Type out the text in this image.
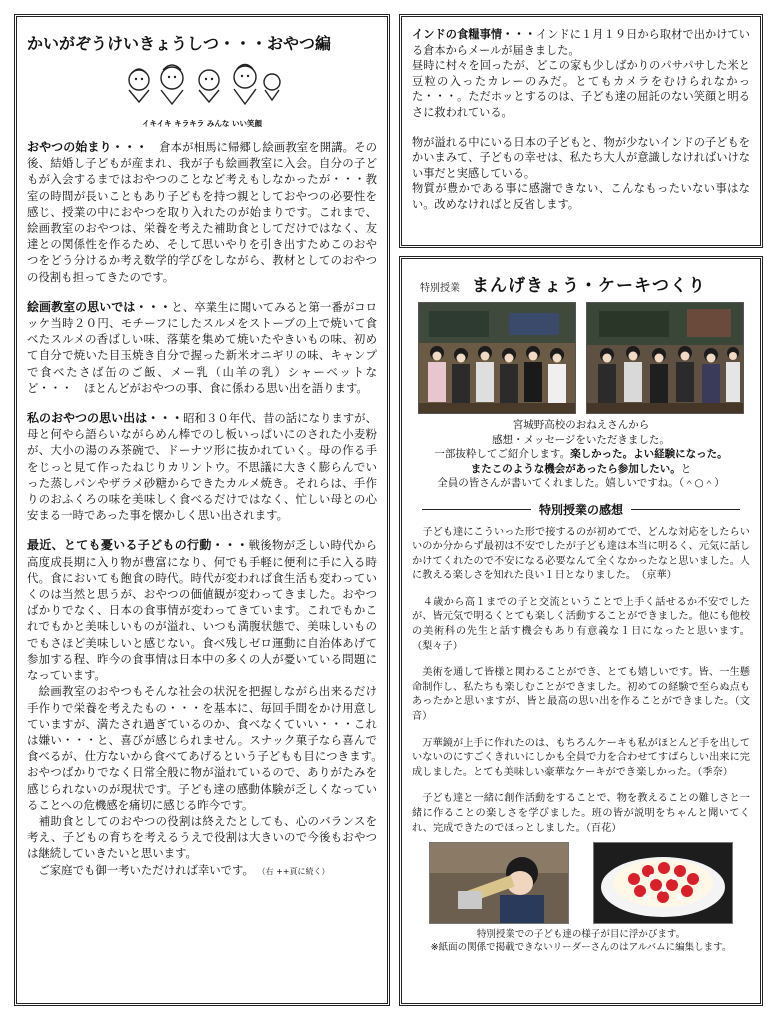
かいがぞうけいきょうしつ・・・おやつ編
イキイキ キラキラ みんな いい笑顔

おやつの始まり・・・　倉本が相馬に帰郷し絵画教室を開講。その後、結婚し子どもが産まれ、我が子も絵画教室に入会。自分の子どもが入会するまではおやつのことなど考えもしなかったが・・・教室の時間が長いこともあり子どもを持つ親としておやつの必要性を感じ、授業の中におやつを取り入れたのが始まりです。これまで、絵画教室のおやつは、栄養を考えた補助食としてだけではなく、友達との関係性を作るため、そして思いやりを引き出すためこのおやつをどう分けるか考え数学的学びをしながら、教材としてのおやつの役割も担ってきたのです。

絵画教室の思いでは・・・と、卒業生に聞いてみると第一番がコロッケ当時２０円、モチーフにしたスルメをストーブの上で焼いて食べたスルメの香ばしい味、落葉を集めて焼いたやきいもの味、初めて自分で焼いた目玉焼き自分で握った新米オニギリの味、キャンプで食べたさば缶のご飯、メー乳（山羊の乳）シャーベットなど・・・　ほとんどがおやつの事、食に係わる思い出を語ります。

私のおやつの思い出は・・・昭和３０年代、昔の話になりますが、母と何やら語らいながらめん棒でのし板いっぱいにのされた小麦粉が、大小の湯のみ茶碗で、ドーナツ形に抜かれていく。母の作る手をじっと見て作ったねじりカリントウ。不思議に大きく膨らんでいった蒸しパンやザラメ砂糖からできたカルメ焼き。それらは、手作りのおふくろの味を美味しく食べるだけではなく、忙しい母との心安まる一時であった事を懐かしく思い出されます。

最近、とても憂いる子どもの行動・・・戦後物が乏しい時代から高度成長期に入り物が豊富になり、何でも手軽に便利に手に入る時代。食においても飽食の時代。時代が変われば食生活も変わっていくのは当然と思うが、おやつの価値観が変わってきました。おやつばかりでなく、日本の食事情が変わってきています。これでもかこれでもかと美味しいものが溢れ、いつも満腹状態で、美味しいものでもさほど美味しいと感じない。食べ残しゼロ運動に自治体あげて参加する程、昨今の食事情は日本中の多くの人が憂いている問題になっています。

　絵画教室のおやつもそんな社会の状況を把握しながら出来るだけ手作りで栄養を考えたもの・・・を基本に、毎回手間をかけ用意していますが、満たされ過ぎているのか、食べなくていい・・・これは嫌い・・・と、喜びが感じられません。スナック菓子なら喜んで食べるが、仕方ないから食べてあげるという子どもも目につきます。　おやつばかりでなく日常全般に物が溢れているので、ありがたみを感じられないのが現状です。子ども達の感動体験が乏しくなっていることへの危機感を痛切に感じる昨今です。

　補助食としてのおやつの役割は終えたとしても、心のバランスを考え、子どもの育ちを考えるうえで役割は大きいので今後もおやつは継続していきたいと思います。

　ご家庭でも御一考いただければ幸いです。 （右 ++頁に続く）

インドの食糧事情・・・インドに１月１９日から取材で出かけている倉本からメールが届きました。
昼時に村々を回ったが、どこの家も少しばかりのパサパサした米と豆粒の入ったカレーのみだ。とてもカメラをむけられなかった・・・。ただホッとするのは、子ども達の屈託のない笑顔と明るさに救われている。

物が溢れる中にいる日本の子どもと、物が少ないインドの子どもをかいまみて、子どもの幸せは、私たち大人が意識しなければいけない事だと実感している。
物質が豊かである事に感謝できない、こんなもったいない事はない。改めなければと反省します。

特別授業 まんげきょう・ケーキつくり
宮城野高校のおねえさんから
感想・メッセージをいただきました。
一部抜粋してご紹介します。楽しかった。よい経験になった。
またこのような機会があったら参加したい。と
全員の皆さんが書いてくれました。嬉しいですね。（＾○＾）
特別授業の感想

　子ども達にこういった形で接するのが初めてで、どんな対応をしたらいいのか分からず最初は不安でしたが子ども達は本当に明るく、元気に話しかけてくれたので不安になる必要なんて全くなかったなと思いました。人に教える楽しさを知れた良い１日となりました。　（京華）

　４歳から高１までの子と交流ということで上手く話せるか不安でしたが、皆元気で明るくとても楽しく活動することができました。他にも他校の美術科の先生と話す機会もあり有意義な１日になったと思います。（梨々子）

　美術を通して皆様と関わることができ、とても嬉しいです。皆、一生懸命制作し、私たちも楽しむことができました。初めての経験で至らぬ点もあったかと思いますが、皆と最高の思い出を作ることができました。（文音）

　万華鏡が上手に作れたのは、もちろんケーキも私がほとんど手を出していないのにすごくきれいにしかも全員で力を合わせてすばらしい出来に完成しました。とても美味しい豪華なケーキができ楽しかった。（季奈）

　子ども達と一緒に創作活動をすることで、物を教えることの難しさと一緒に作ることの楽しさを学びました。班の皆が説明をちゃんと聞いてくれ、完成できたのでほっとしました。（百花）

特別授業での子ども達の様子が目に浮かびます。
※紙面の関係で掲載できないリーダーさんのはアルバムに編集します。
